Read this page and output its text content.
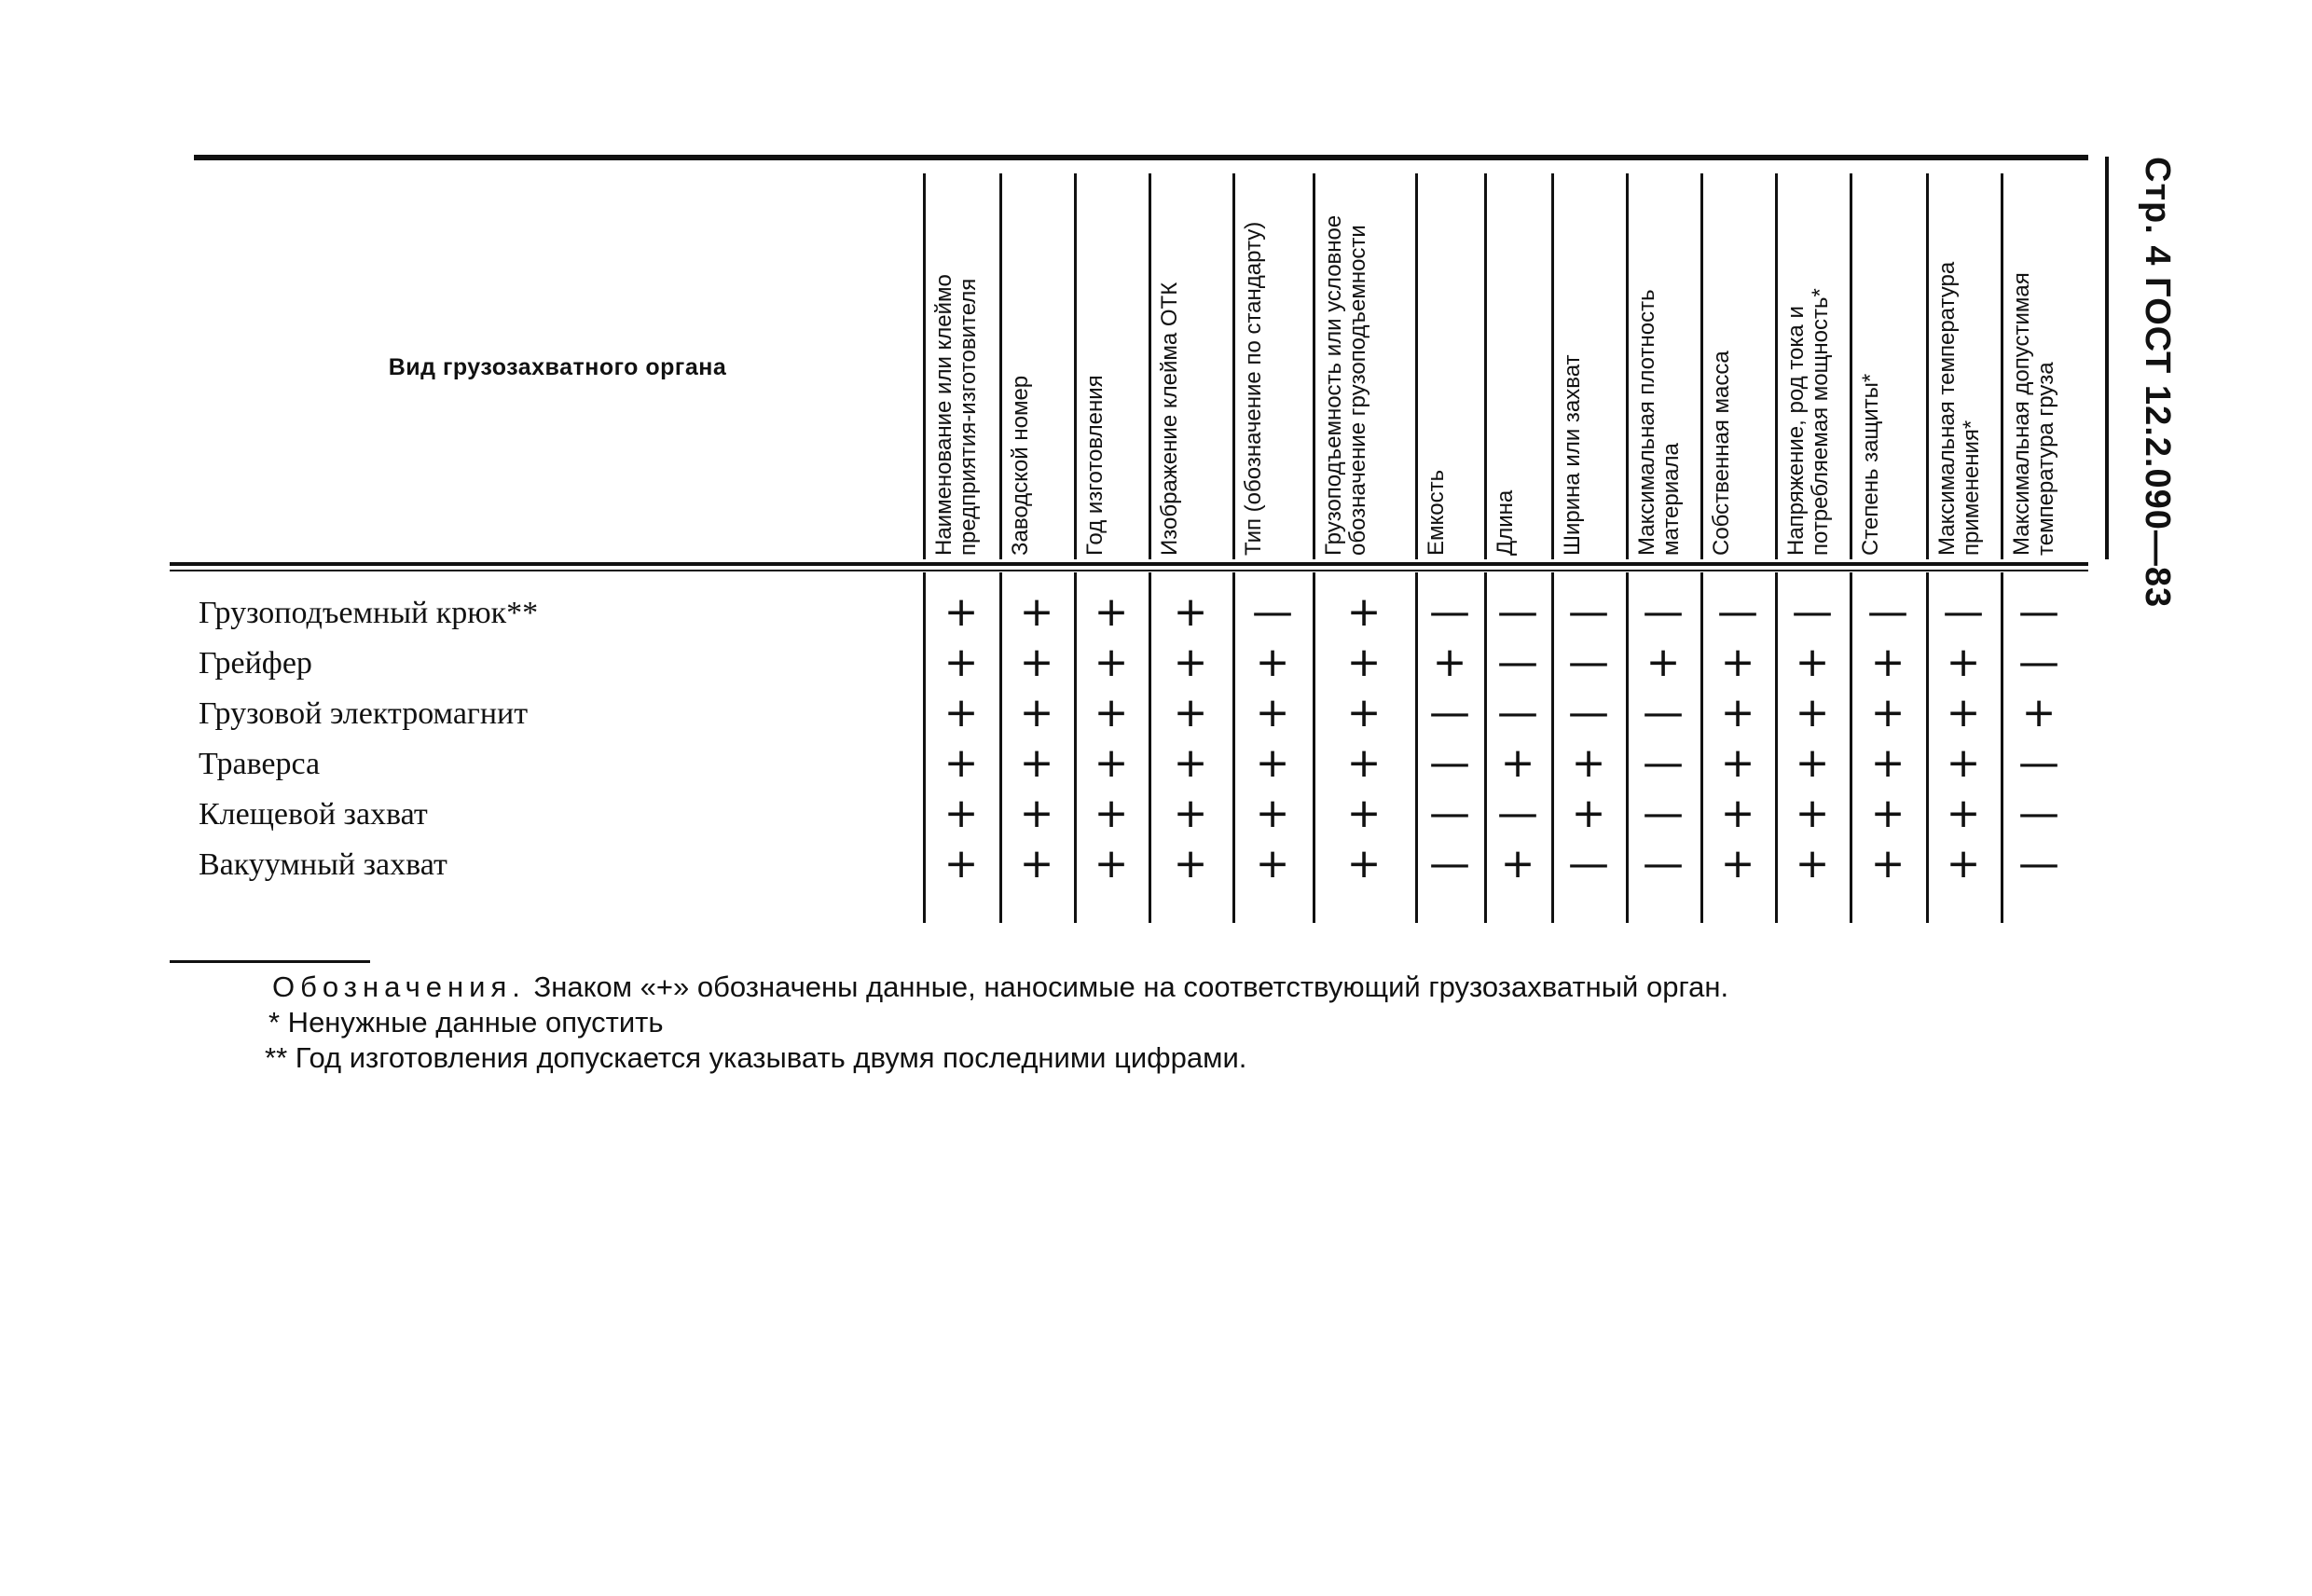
Вид грузозахватного органа	Наименование или клеймо предприятия-изготовителя	Заводской номер	Год изготовления	Изображение клейма ОТК	Тип (обозначение по стандарту)	Грузоподъемность или условное обозначение грузоподъемности	Емкость	Длина	Ширина или захват	Максимальная плотность материала	Собственная масса	Напряжение, род тока и потребляемая мощность*	Степень защиты*	Максимальная температура применения*	Максимальная допустимая температура груза
Грузоподъемный крюк**	+ + + + — + — — — — — — — — —
Грейфер	+ + + + + + + — — + + + + + —
Грузовой электромагнит	+ + + + + + — — — — + + + + +
Траверса	+ + + + + + — + + — + + + + —
Клещевой захват	+ + + + + + — — + — + + + + —
Вакуумный захват	+ + + + + + — + — — + + + + —
Стр. 4 ГОСТ 12.2.090—83
Обозначения. Знаком «+» обозначены данные, наносимые на соответствующий грузозахватный орган.
* Ненужные данные опустить
** Год изготовления допускается указывать двумя последними цифрами.
